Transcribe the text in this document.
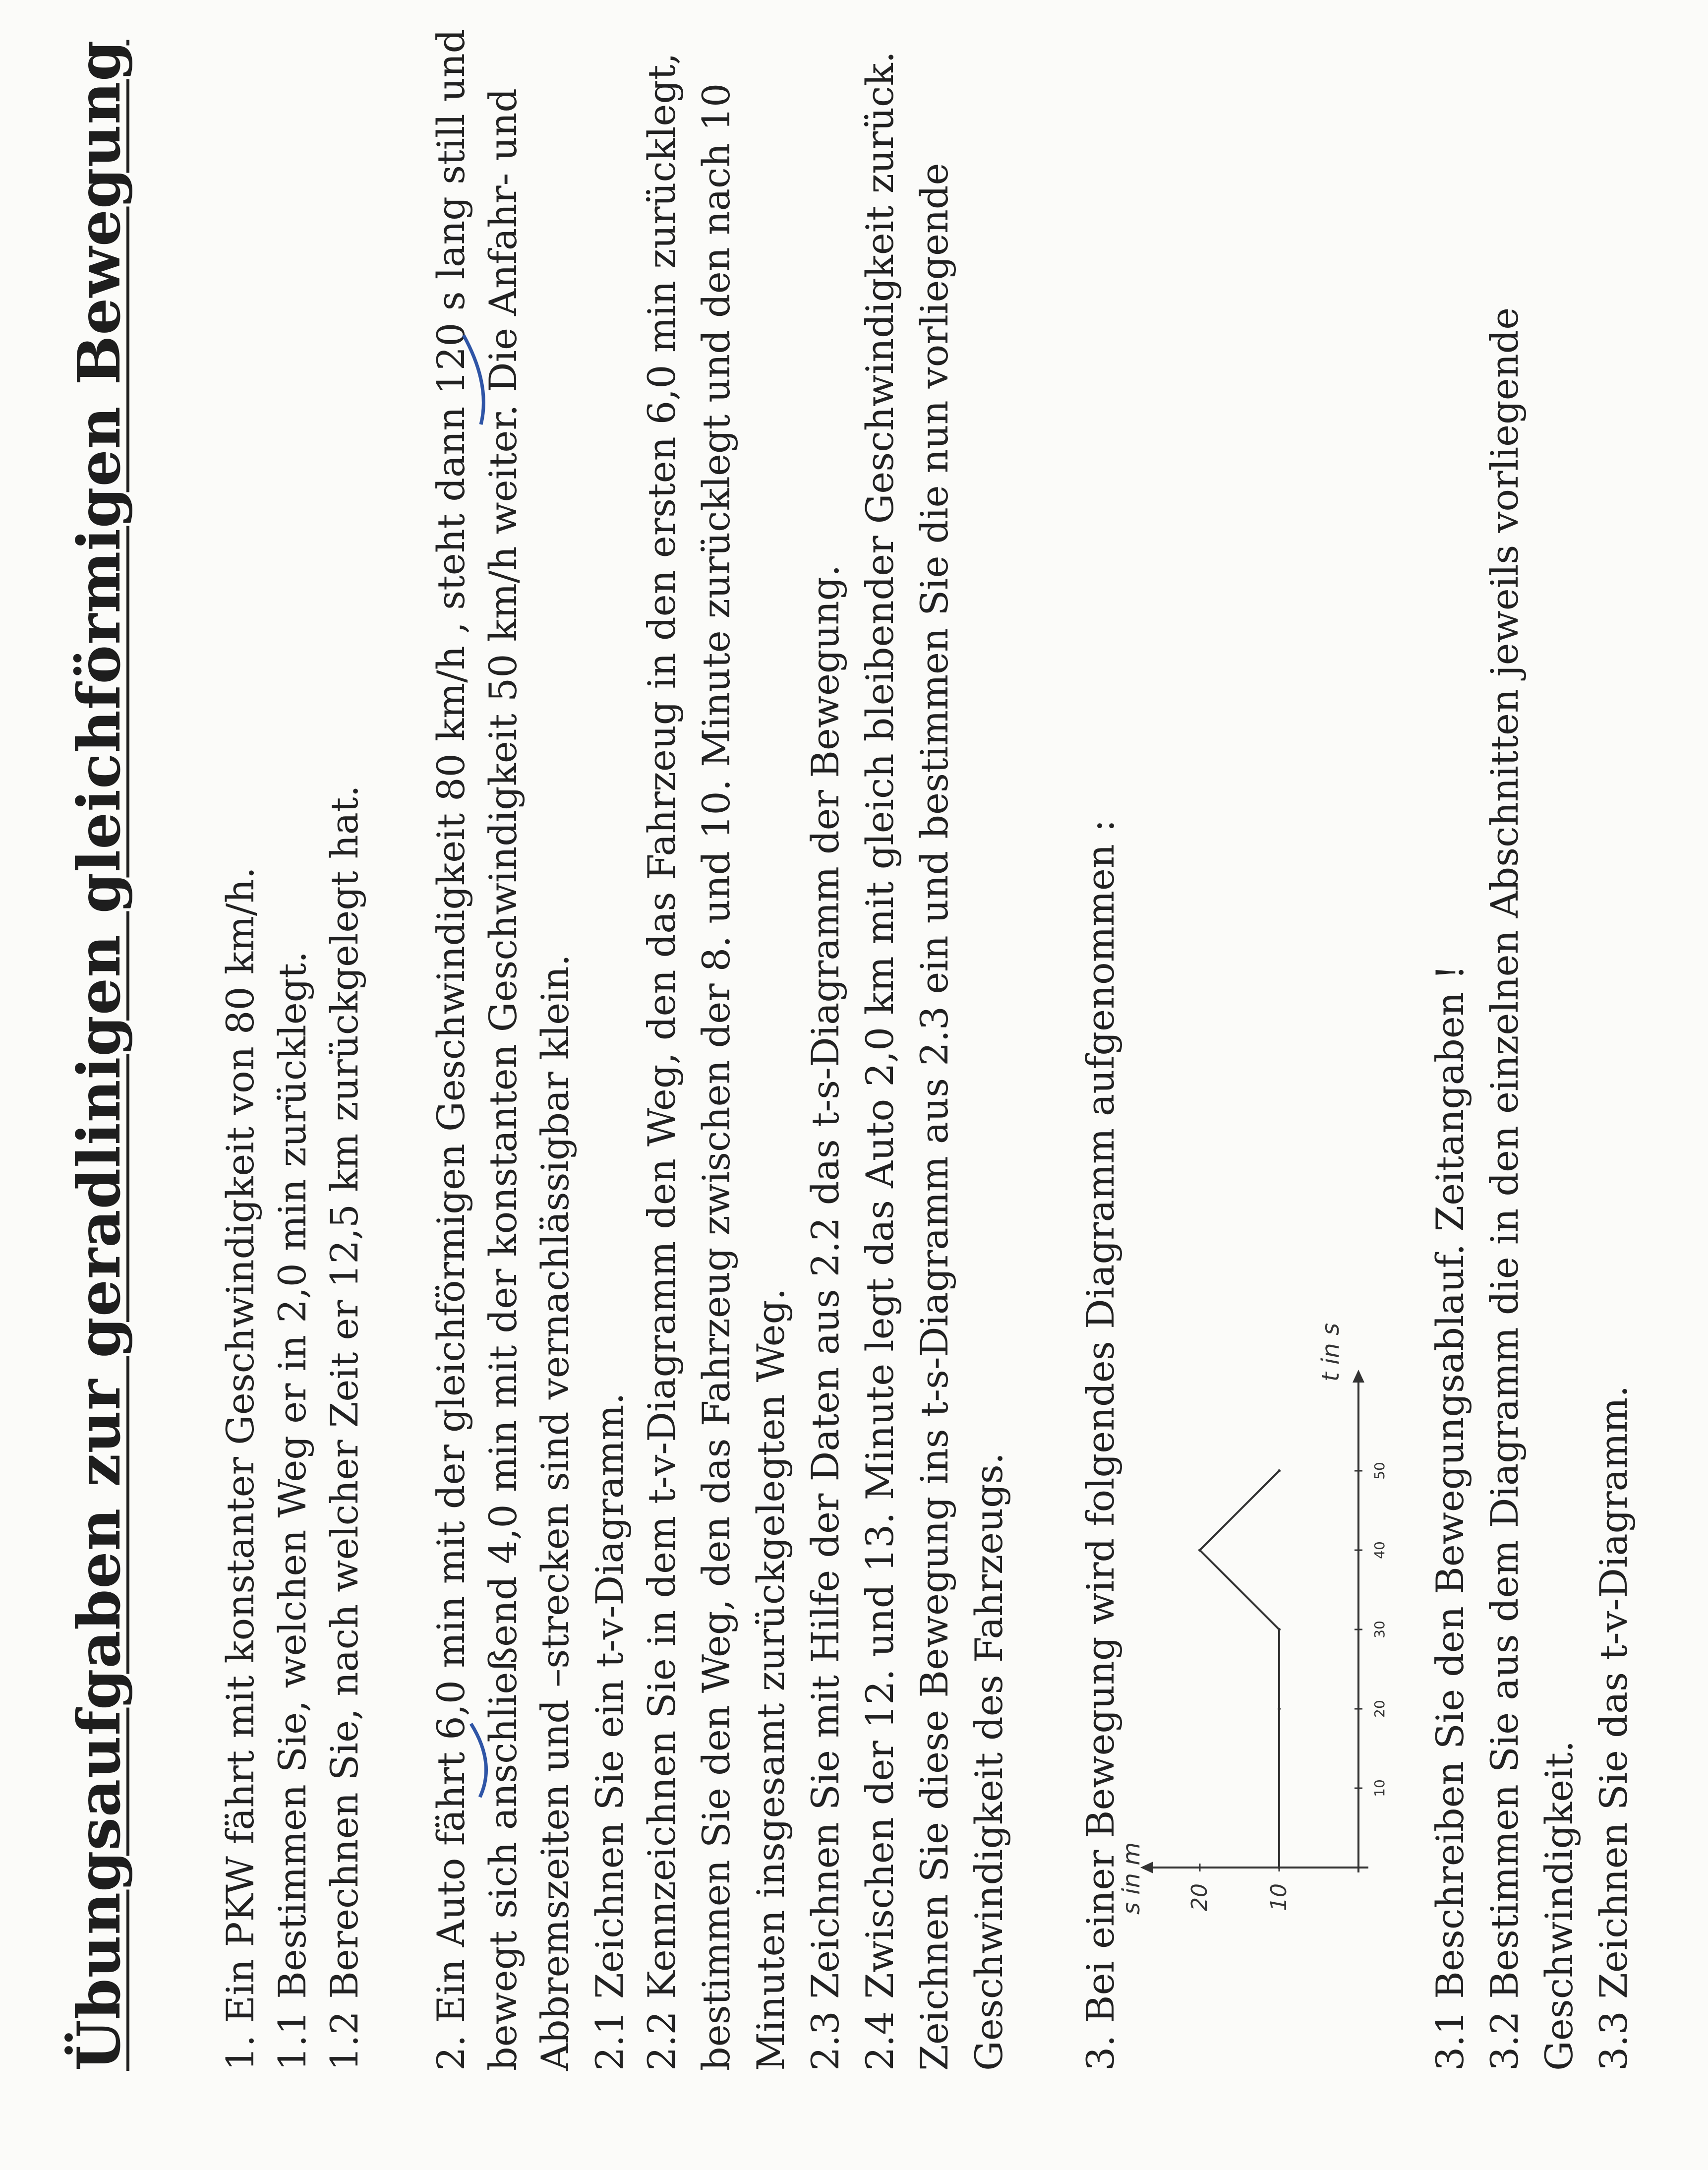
Übungsaufgaben zur geradlinigen gleichförmigen Bewegung 1. Ein PKW fährt mit konstanter Geschwindigkeit von 80 km/h. 1.1 Bestimmen Sie, welchen Weg er in 2,0 min zurücklegt. 1.2 Berechnen Sie, nach welcher Zeit er 12,5 km zurückgelegt hat. 2. Ein Auto fährt 6,0 min mit der gleichförmigen Geschwindigkeit 80 km/h , steht dann 120 s lang still und bewegt sich anschließend 4,0 min mit der konstanten Geschwindigkeit 50 km/h weiter. Die Anfahr- und Abbremszeiten und –strecken sind vernachlässigbar klein. 2.1 Zeichnen Sie ein t-v-Diagramm. 2.2 Kennzeichnen Sie in dem t-v-Diagramm den Weg, den das Fahrzeug in den ersten 6,0 min zurücklegt, bestimmen Sie den Weg, den das Fahrzeug zwischen der 8. und 10. Minute zurücklegt und den nach 10 Minuten insgesamt zurückgelegten Weg. 2.3 Zeichnen Sie mit Hilfe der Daten aus 2.2 das t-s-Diagramm der Bewegung. 2.4 Zwischen der 12. und 13. Minute legt das Auto 2,0 km mit gleich bleibender Geschwindigkeit zurück. Zeichnen Sie diese Bewegung ins t-s-Diagramm aus 2.3 ein und bestimmen Sie die nun vorliegende Geschwindigkeit des Fahrzeugs. 3. Bei einer Bewegung wird folgendes Diagramm aufgenommen :	10
20
30
40
50
10
20
s in m
t in s 3.1 Beschreiben Sie den Bewegungsablauf. Zeitangaben ! 3.2 Bestimmen Sie aus dem Diagramm die in den einzelnen Abschnitten jeweils vorliegende Geschwindigkeit. 3.3 Zeichnen Sie das t-v-Diagramm.
